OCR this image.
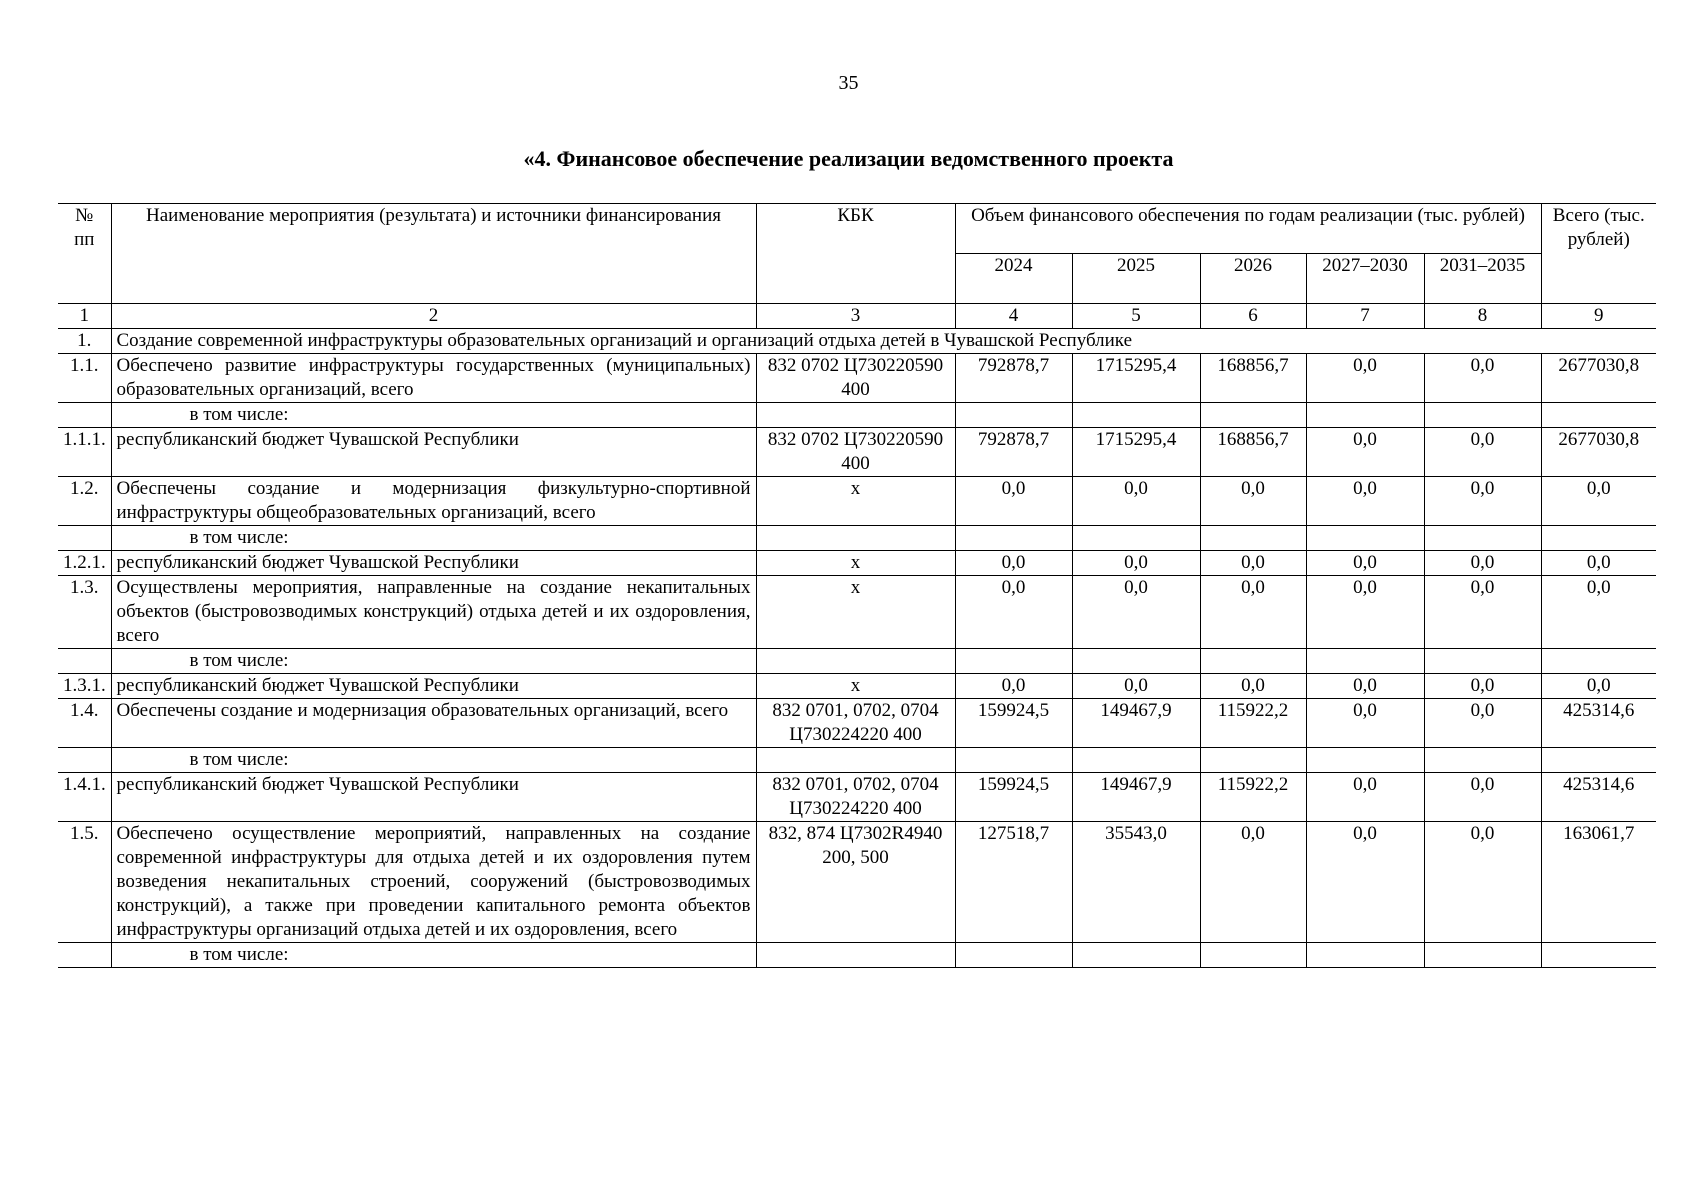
35
«4. Финансовое обеспечение реализации ведомственного проекта
№ пп	Наименование мероприятия (результата) и источники финансирования	КБК	Объем финансового обеспечения по годам реализации (тыс. рублей)					Всего (тыс. рублей)
			2024	2025	2026	2027–2030	2031–2035	
1	2	3	4	5	6	7	8	9
1.	Создание современной инфраструктуры образовательных организаций и организаций отдыха детей в Чувашской Республике							
1.1.	Обеспечено развитие инфраструктуры государственных (муниципальных) образовательных организаций, всего	832 0702 Ц730220590 400	792878,7	1715295,4	168856,7	0,0	0,0	2677030,8
	в том числе:							
1.1.1.	республиканский бюджет Чувашской Республики	832 0702 Ц730220590 400	792878,7	1715295,4	168856,7	0,0	0,0	2677030,8
1.2.	Обеспечены создание и модернизация физкультурно-спортивной инфраструктуры общеобразовательных организаций, всего	х	0,0	0,0	0,0	0,0	0,0	0,0
	в том числе:							
1.2.1.	республиканский бюджет Чувашской Республики	х	0,0	0,0	0,0	0,0	0,0	0,0
1.3.	Осуществлены мероприятия, направленные на создание некапитальных объектов (быстровозводимых конструкций) отдыха детей и их оздоровления, всего	х	0,0	0,0	0,0	0,0	0,0	0,0
	в том числе:							
1.3.1.	республиканский бюджет Чувашской Республики	х	0,0	0,0	0,0	0,0	0,0	0,0
1.4.	Обеспечены создание и модернизация образовательных организаций, всего	832 0701, 0702, 0704 Ц730224220 400	159924,5	149467,9	115922,2	0,0	0,0	425314,6
	в том числе:							
1.4.1.	республиканский бюджет Чувашской Республики	832 0701, 0702, 0704 Ц730224220 400	159924,5	149467,9	115922,2	0,0	0,0	425314,6
1.5.	Обеспечено осуществление мероприятий, направленных на создание современной инфраструктуры для отдыха детей и их оздоровления путем возведения некапитальных строений, сооружений (быстровозводимых конструкций), а также при проведении капитального ремонта объектов инфраструктуры организаций отдыха детей и их оздоровления, всего	832, 874 Ц7302R4940 200, 500	127518,7	35543,0	0,0	0,0	0,0	163061,7
	в том числе:							
